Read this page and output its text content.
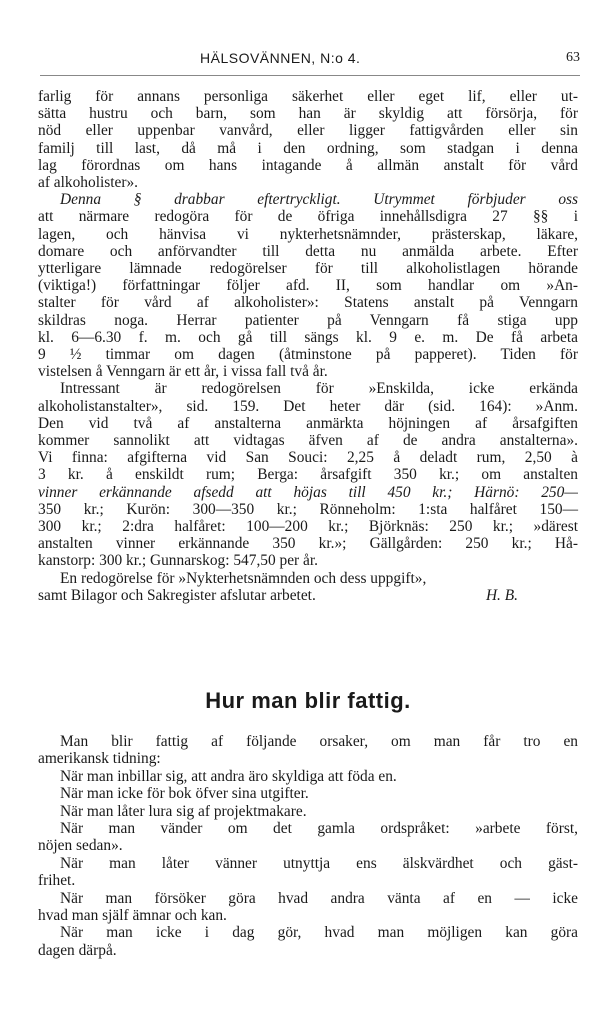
HÄLSOVÄNNEN, N:o 4.	63
farlig för annans personliga säkerhet eller eget lif, eller ut-
sätta hustru och barn, som han är skyldig att försörja, för
nöd eller uppenbar vanvård, eller ligger fattigvården eller sin
familj till last, då må i den ordning, som stadgan i denna
lag förordnas om hans intagande å allmän anstalt för vård
af alkoholister».
Denna § drabbar eftertryckligt. Utrymmet förbjuder oss
att närmare redogöra för de öfriga innehållsdigra 27 §§ i
lagen, och hänvisa vi nykterhetsnämnder, prästerskap, läkare,
domare och anförvandter till detta nu anmälda arbete. Efter
ytterligare lämnade redogörelser för till alkoholistlagen hörande
(viktiga!) författningar följer afd. II, som handlar om »An-
stalter för vård af alkoholister»: Statens anstalt på Venngarn
skildras noga. Herrar patienter på Venngarn få stiga upp
kl. 6—6.30 f. m. och gå till sängs kl. 9 e. m. De få arbeta
9 ½ timmar om dagen (åtminstone på papperet). Tiden för
vistelsen å Venngarn är ett år, i vissa fall två år.
Intressant är redogörelsen för »Enskilda, icke erkända
alkoholistanstalter», sid. 159. Det heter där (sid. 164): »Anm.
Den vid två af anstalterna anmärkta höjningen af årsafgiften
kommer sannolikt att vidtagas äfven af de andra anstalterna».
Vi finna: afgifterna vid San Souci: 2,25 å deladt rum, 2,50 à
3 kr. å enskildt rum; Berga: årsafgift 350 kr.; om anstalten
vinner erkännande afsedd att höjas till 450 kr.; Härnö: 250—
350 kr.; Kurön: 300—350 kr.; Rönneholm: 1:sta halfåret 150—
300 kr.; 2:dra halfåret: 100—200 kr.; Björknäs: 250 kr.; »därest
anstalten vinner erkännande 350 kr.»; Gällgården: 250 kr.; Hå-
kanstorp: 300 kr.; Gunnarskog: 547,50 per år.
En redogörelse för »Nykterhetsnämnden och dess uppgift»,
samt Bilagor och Sakregister afslutar arbetet.	H. B.
Hur man blir fattig.
Man blir fattig af följande orsaker, om man får tro en
amerikansk tidning:
När man inbillar sig, att andra äro skyldiga att föda en.
När man icke för bok öfver sina utgifter.
När man låter lura sig af projektmakare.
När man vänder om det gamla ordspråket: »arbete först,
nöjen sedan».
När man låter vänner utnyttja ens älskvärdhet och gäst-
frihet.
När man försöker göra hvad andra vänta af en — icke
hvad man själf ämnar och kan.
När man icke i dag gör, hvad man möjligen kan göra
dagen därpå.
